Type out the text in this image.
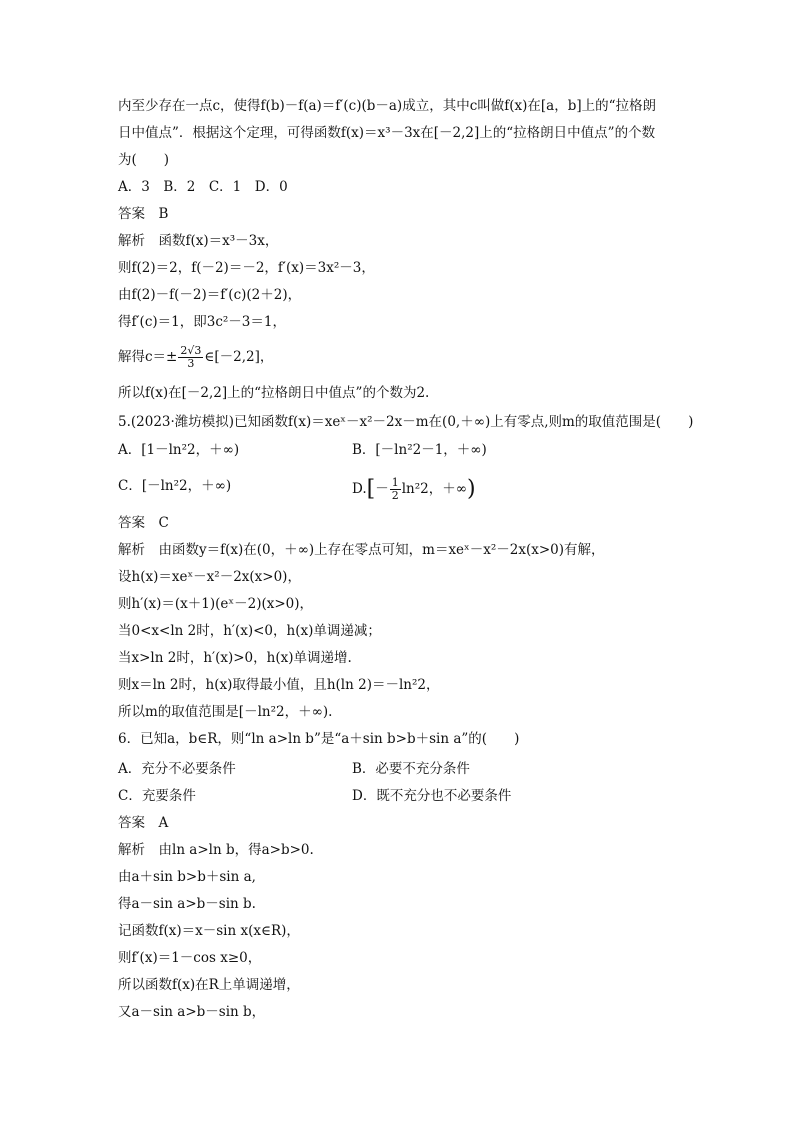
内至少存在一点c，使得f(b)－f(a)＝f′(c)(b－a)成立，其中c叫做f(x)在[a，b]上的“拉格朗
日中值点”．根据这个定理，可得函数f(x)＝x³－3x在[－2,2]上的“拉格朗日中值点”的个数
为(　　)
A．3　B．2　C．1　D．0
答案　B
解析　函数f(x)＝x³－3x，
则f(2)＝2，f(－2)＝－2，f′(x)＝3x²－3，
由f(2)－f(－2)＝f′(c)(2＋2)，
得f′(c)＝1，即3c²－3＝1，
解得$c=\pm \frac{2√3}{3}$ ∈[－2,2]，
所以f(x)在[－2,2]上的“拉格朗日中值点”的个数为2.
5.(2023·潍坊模拟)已知函数f(x)＝xeˣ－x²－2x－m在(0,＋∞)上有零点,则m的取值范围是(　　)
A．[1－ln²2，＋∞)	B．[－ln²2－1，＋∞)
C．[－ln²2，＋∞)	$D.[- \frac{1}{2} \ln^22$，＋∞)
答案　C
解析　由函数y＝f(x)在(0，＋∞)上存在零点可知，m＝xeˣ－x²－2x(x>0)有解，
设h(x)＝xeˣ－x²－2x(x>0)，
则h′(x)＝(x＋1)(eˣ－2)(x>0)，
当0<x<ln 2时，h′(x)<0，h(x)单调递减；
当x>ln 2时，h′(x)>0，h(x)单调递增.
则x＝ln 2时，h(x)取得最小值，且h(ln 2)＝－ln²2，
所以m的取值范围是[－ln²2，＋∞).
6．已知a，b∈R，则“ln a>ln b”是“a＋sin b>b＋sin a”的(　　)
A．充分不必要条件	B．必要不充分条件
C．充要条件	D．既不充分也不必要条件
答案　A
解析　由ln a>ln b，得a>b>0.
由a＋sin b>b＋sin a,
得a－sin a>b－sin b.
记函数f(x)＝x－sin x(x∈R)，
则f′(x)＝1－cos x≥0，
所以函数f(x)在R上单调递增，
又a－sin a>b－sin b，
